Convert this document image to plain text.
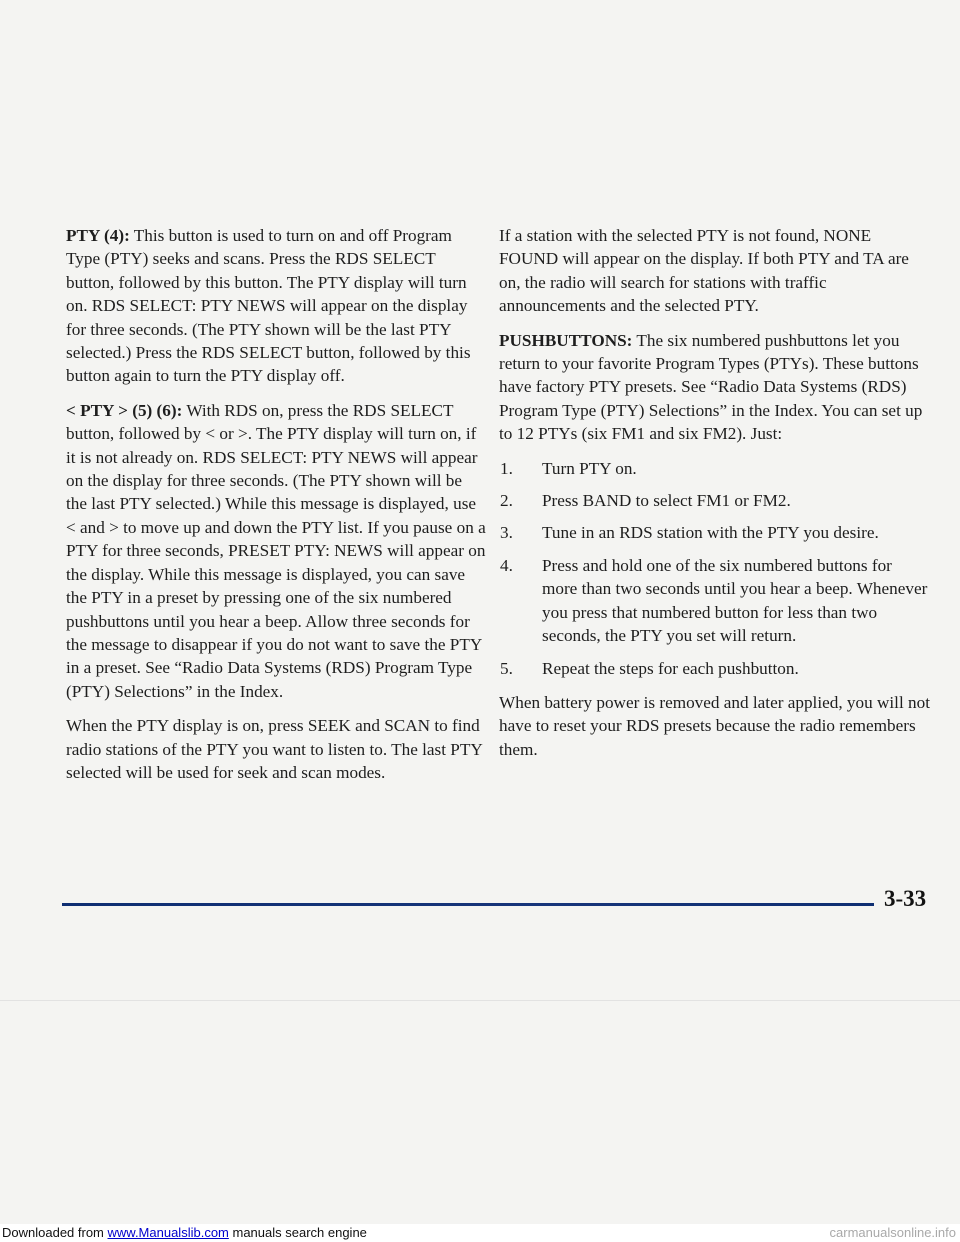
PTY (4): This button is used to turn on and off Program Type (PTY) seeks and scans. Press the RDS SELECT button, followed by this button. The PTY display will turn on. RDS SELECT: PTY NEWS will appear on the display for three seconds. (The PTY shown will be the last PTY selected.) Press the RDS SELECT button, followed by this button again to turn the PTY display off.

< PTY > (5) (6): With RDS on, press the RDS SELECT button, followed by < or >. The PTY display will turn on, if it is not already on. RDS SELECT: PTY NEWS will appear on the display for three seconds. (The PTY shown will be the last PTY selected.) While this message is displayed, use < and > to move up and down the PTY list. If you pause on a PTY for three seconds, PRESET PTY: NEWS will appear on the display. While this message is displayed, you can save the PTY in a preset by pressing one of the six numbered pushbuttons until you hear a beep. Allow three seconds for the message to disappear if you do not want to save the PTY in a preset. See “Radio Data Systems (RDS) Program Type (PTY) Selections” in the Index.

When the PTY display is on, press SEEK and SCAN to find radio stations of the PTY you want to listen to. The last PTY selected will be used for seek and scan modes.

If a station with the selected PTY is not found, NONE FOUND will appear on the display. If both PTY and TA are on, the radio will search for stations with traffic announcements and the selected PTY.

PUSHBUTTONS: The six numbered pushbuttons let you return to your favorite Program Types (PTYs). These buttons have factory PTY presets. See “Radio Data Systems (RDS) Program Type (PTY) Selections” in the Index. You can set up to 12 PTYs (six FM1 and six FM2). Just:

1.	Turn PTY on.
2.	Press BAND to select FM1 or FM2.
3.	Tune in an RDS station with the PTY you desire.
4.	Press and hold one of the six numbered buttons for more than two seconds until you hear a beep. Whenever you press that numbered button for less than two seconds, the PTY you set will return.
5.	Repeat the steps for each pushbutton.

When battery power is removed and later applied, you will not have to reset your RDS presets because the radio remembers them.

3-33
Downloaded from www.Manualslib.com manuals search engine	carmanualsonline.info
